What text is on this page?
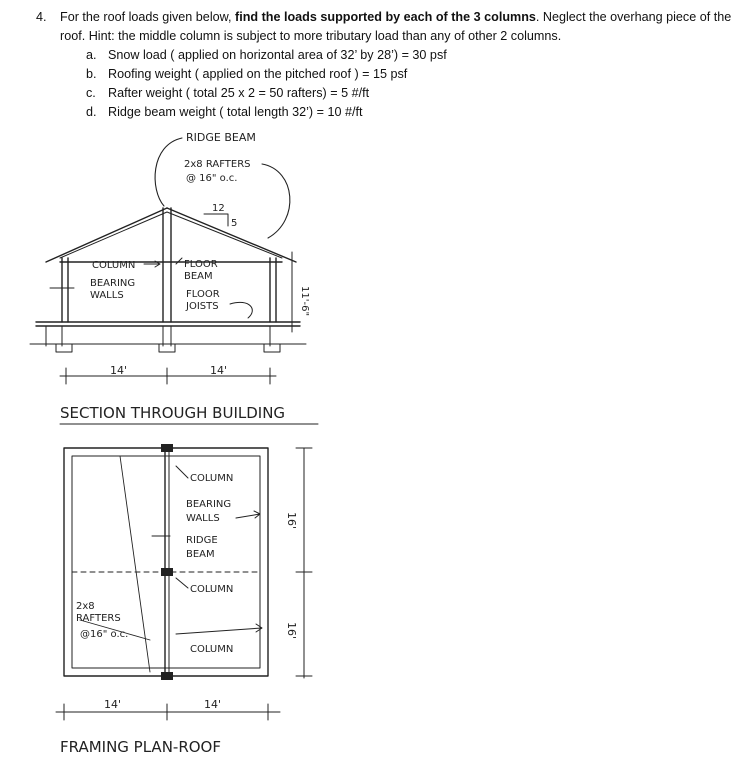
4. For the roof loads given below, find the loads supported by each of the 3 columns. Neglect the overhang piece of the roof. Hint: the middle column is subject to more tributary load than any of other 2 columns.
a. Snow load ( applied on horizontal area of 32’ by 28’) = 30 psf
b. Roofing weight ( applied on the pitched roof ) = 15 psf
c. Rafter weight ( total 25 x 2 = 50 rafters) = 5 #/ft
d. Ridge beam weight ( total length 32’) = 10 #/ft
12
5
RIDGE BEAM
2x8 RAFTERS
@ 16" o.c.
COLUMN
BEARING
WALLS
FLOOR
BEAM
FLOOR
JOISTS	11'-6"
14'	14'
SECTION THROUGH BUILDING
COLUMN
BEARING
WALLS
RIDGE
BEAM
COLUMN
COLUMN
2x8
RAFTERS
@16" o.c.
16'
16'
14'	14'
FRAMING PLAN-ROOF
